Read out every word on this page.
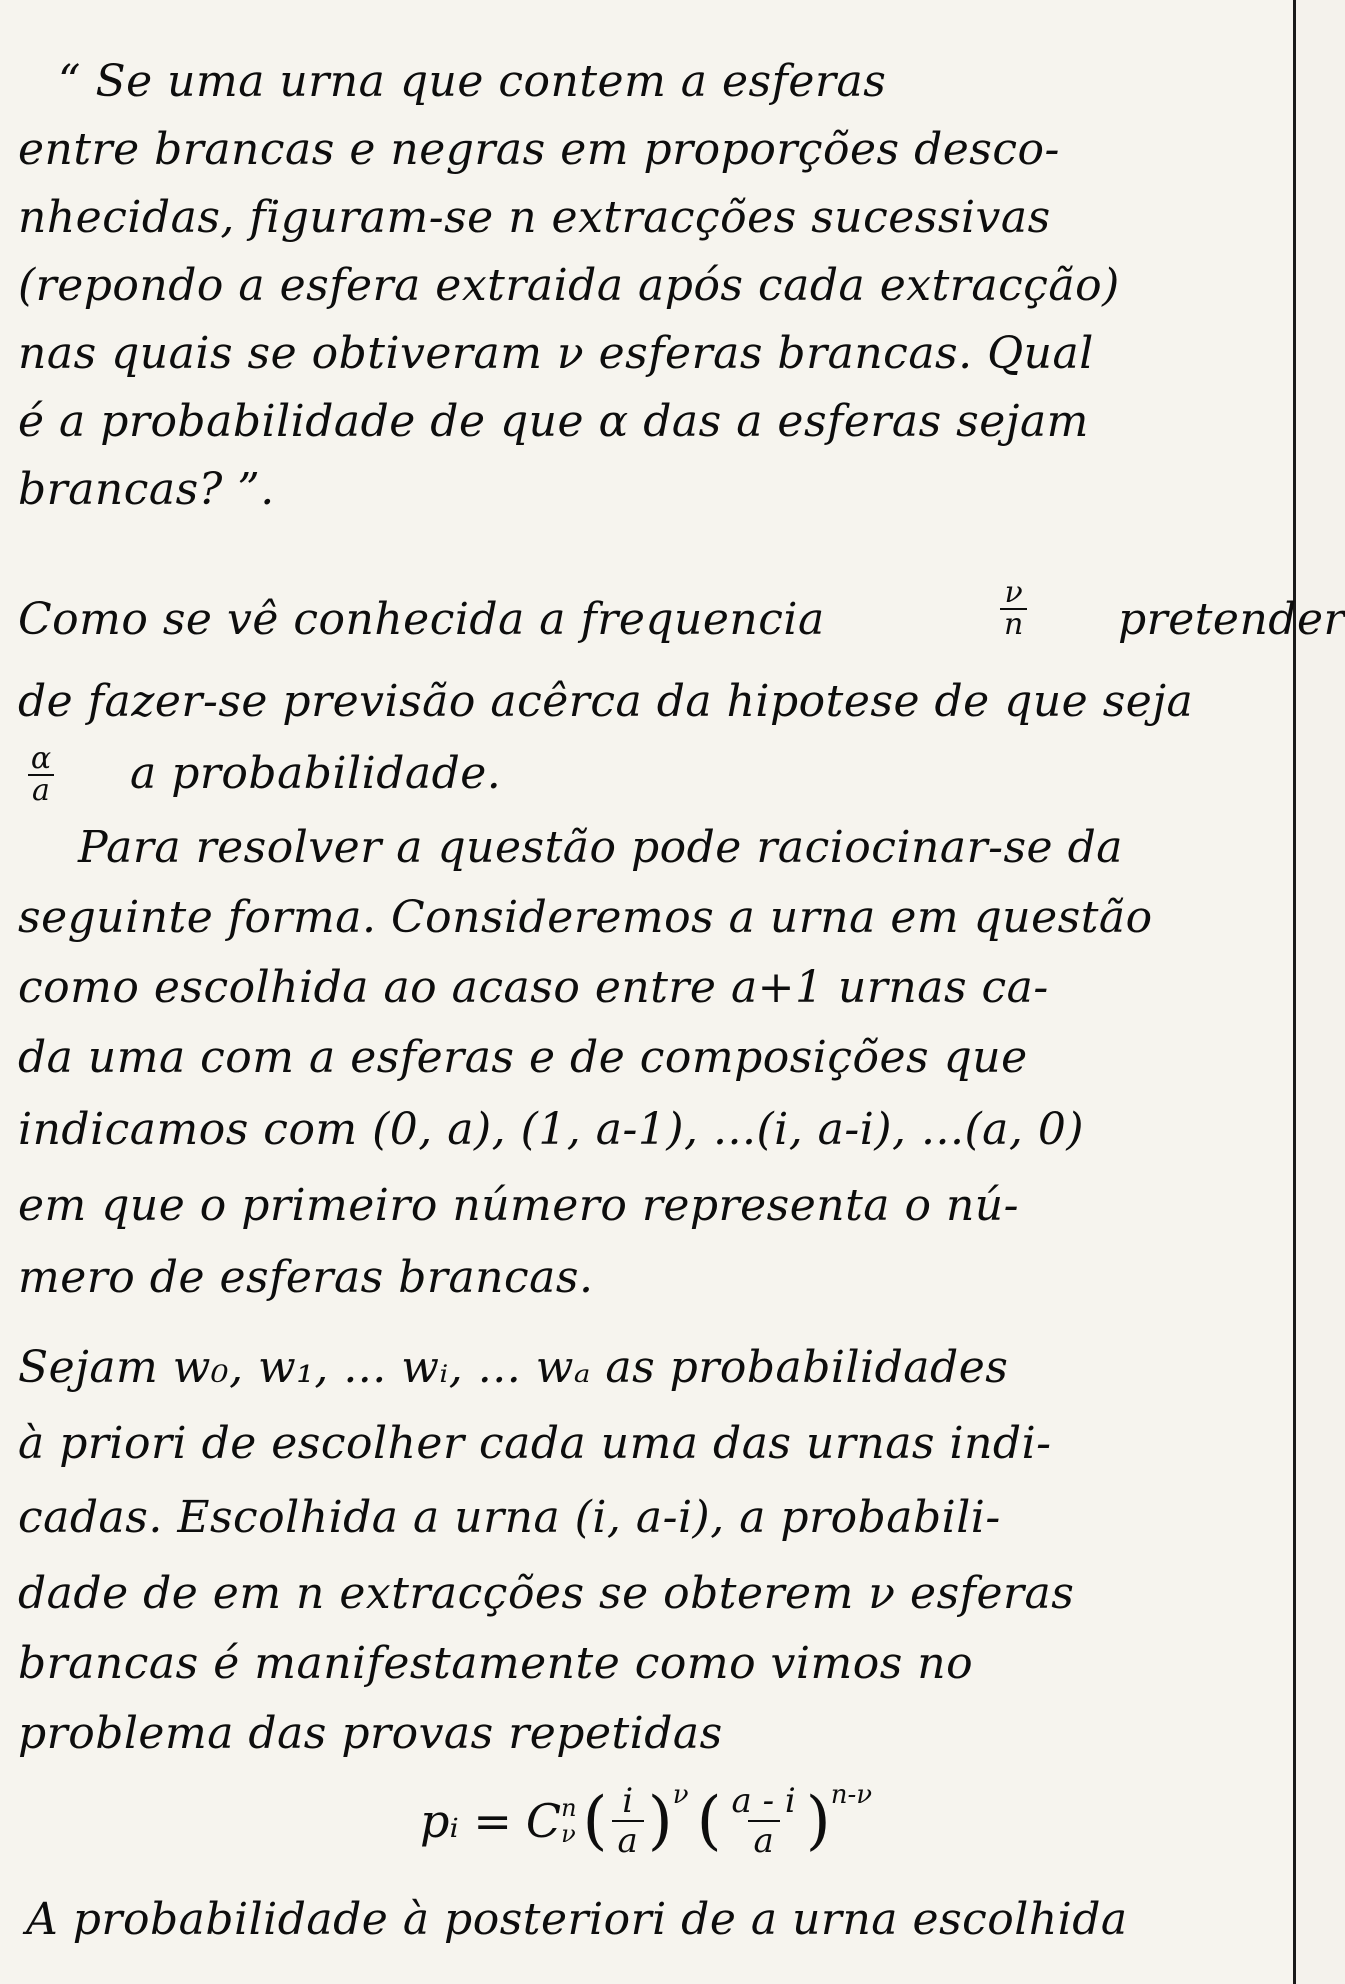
“ Se uma urna que contem a esferas
entre brancas e negras em proporções desco-
nhecidas, figuram-se n extracções sucessivas
(repondo a esfera extraida após cada extracção)
nas quais se obtiveram ν esferas brancas. Qual
é a probabilidade de que α das a esferas sejam
brancas? ”.
Como se vê conhecida a frequencia	$\frac{\nu}{n}$ pretender
de fazer-se previsão acêrca da hipotese de que seja
$\frac{\alpha}{a}$ a probabilidade.
Para resolver a questão pode raciocinar-se da
seguinte forma. Consideremos a urna em questão
como escolhida ao acaso entre a+1 urnas ca-
da uma com a esferas e de composições que
indicamos com (0, a), (1, a-1), ...(i, a-i), ...(a, 0)
em que o primeiro número representa o nú-
mero de esferas brancas.
Sejam w₀, w₁, ... wᵢ, ... wₐ as probabilidades
à priori de escolher cada uma das urnas indi-
cadas. Escolhida a urna (i, a-i), a probabili-
dade de em n extracções se obterem ν esferas
brancas é manifestamente como vimos no
problema das provas repetidas
pᵢ = C n
ν ( $\frac{i}{a}$ ) ν ( $\frac{a - i}{a}$ ) n-ν
A probabilidade à posteriori de a urna escolhida
